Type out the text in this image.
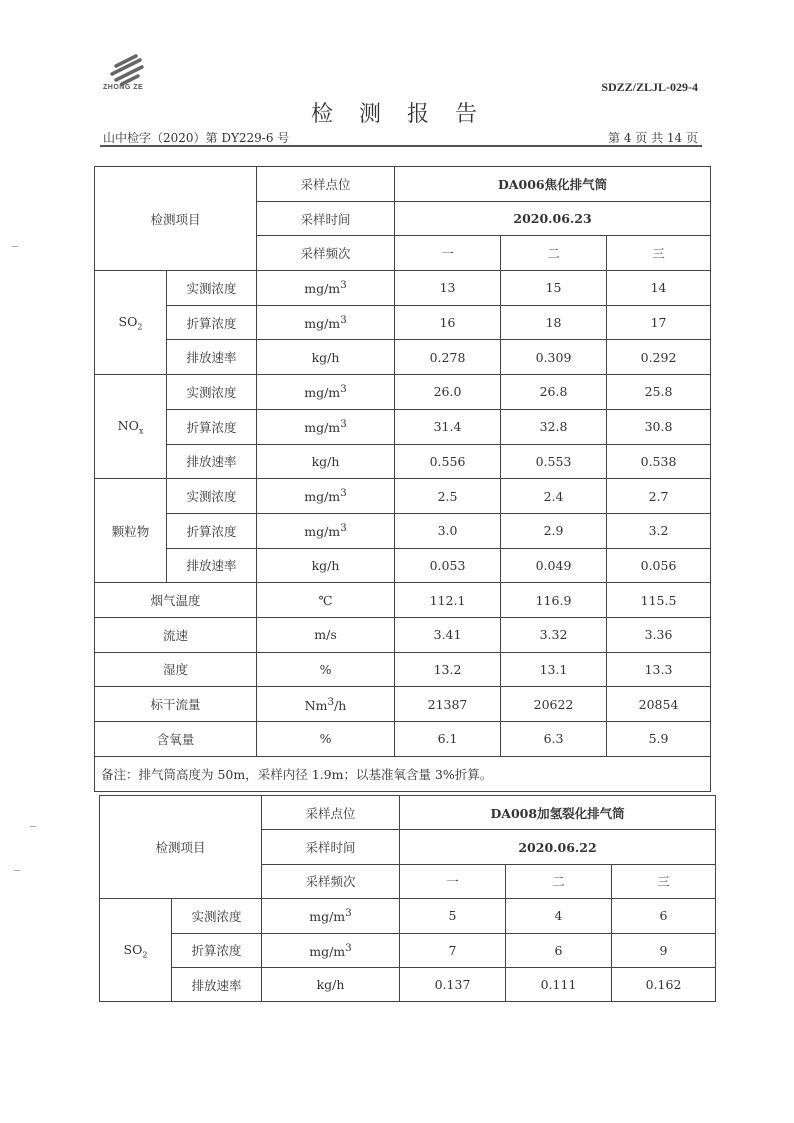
ZHONG ZE	SDZZ/ZLJL-029-4
检测报告
山中检字（2020）第 DY229-6 号	第 4 页 共 14 页
检测项目		采样点位	DA006焦化排气筒		
		采样时间	2020.06.23		
		采样频次	一	二	三
$SO_2$	实测浓度	$mg/m^3$	13	15	14
	折算浓度	$mg/m^3$	16	18	17
	排放速率	kg/h	0.278	0.309	0.292
$NO_x$	实测浓度	$mg/m^3$	26.0	26.8	25.8
	折算浓度	$mg/m^3$	31.4	32.8	30.8
	排放速率	kg/h	0.556	0.553	0.538
颗粒物	实测浓度	$mg/m^3$	2.5	2.4	2.7
	折算浓度	$mg/m^3$	3.0	2.9	3.2
	排放速率	kg/h	0.053	0.049	0.056
烟气温度		℃	112.1	116.9	115.5
流速		m/s	3.41	3.32	3.36
湿度		%	13.2	13.1	13.3
标干流量		Nm$^3$/h	21387	20622	20854
含氧量		%	6.1	6.3	5.9
备注：排气筒高度为 50m，采样内径 1.9m；以基准氧含量 3%折算。					
检测项目		采样点位	DA008加氢裂化排气筒		
		采样时间	2020.06.22		
		采样频次	一	二	三
$SO_2$	实测浓度	$mg/m^3$	5	4	6
	折算浓度	$mg/m^3$	7	6	9
	排放速率	kg/h	0.137	0.111	0.162
